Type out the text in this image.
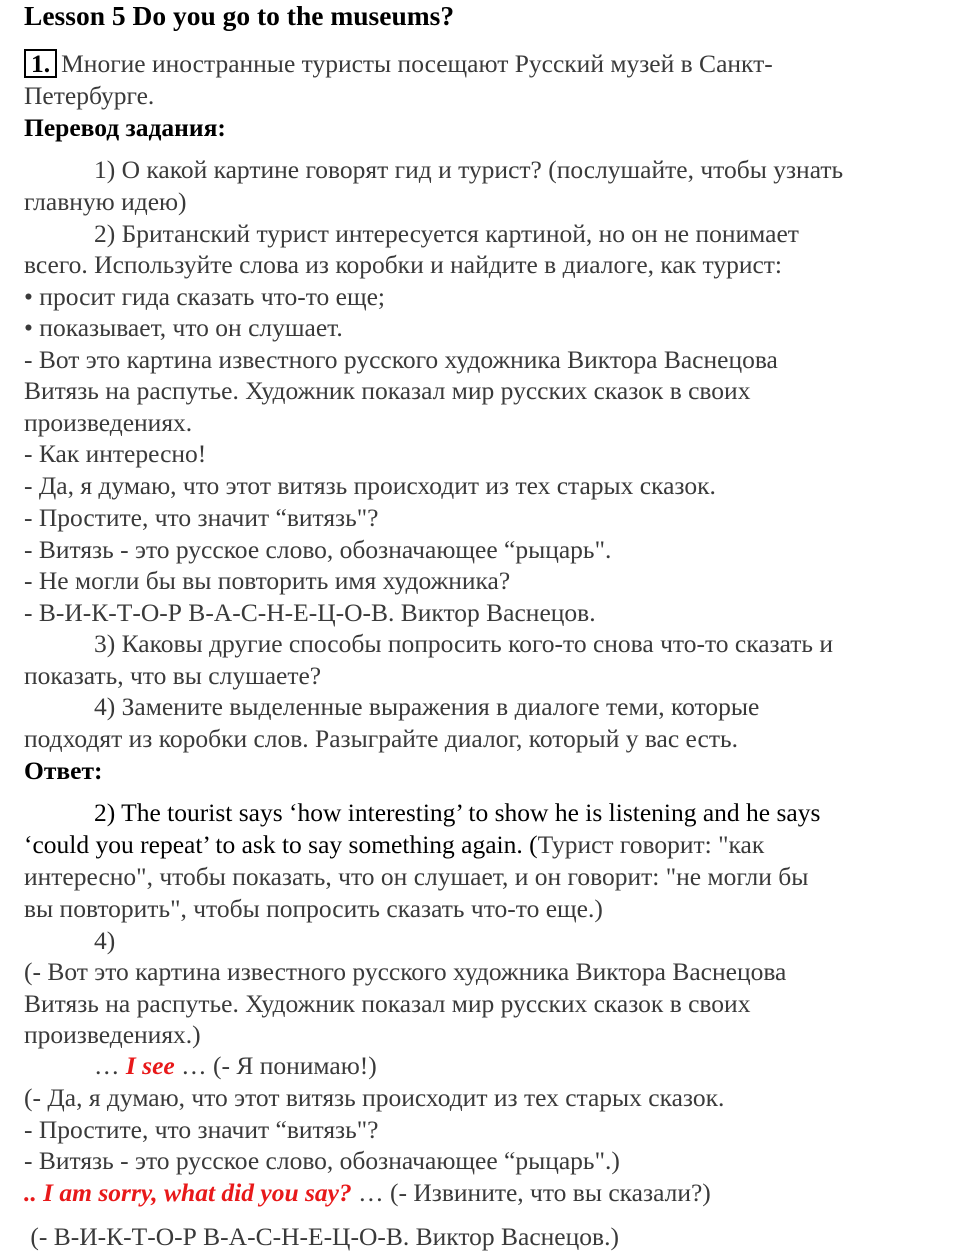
Lesson 5 Do you go to the museums?
1. Многие иностранные туристы посещают Русский музей в Санкт-
Петербурге.
Перевод задания:
1) О какой картине говорят гид и турист? (послушайте, чтобы узнать
главную идею)
2) Британский турист интересуется картиной, но он не понимает
всего. Используйте слова из коробки и найдите в диалоге, как турист:
• просит гида сказать что-то еще;
• показывает, что он слушает.
- Вот это картина известного русского художника Виктора Васнецова
Витязь на распутье. Художник показал мир русских сказок в своих
произведениях.
- Как интересно!
- Да, я думаю, что этот витязь происходит из тех старых сказок.
- Простите, что значит “витязь"?
- Витязь - это русское слово, обозначающее “рыцарь".
- Не могли бы вы повторить имя художника?
- В-И-К-Т-О-Р В-А-С-Н-Е-Ц-О-В. Виктор Васнецов.
3) Каковы другие способы попросить кого-то снова что-то сказать и
показать, что вы слушаете?
4) Замените выделенные выражения в диалоге теми, которые
подходят из коробки слов. Разыграйте диалог, который у вас есть.
Ответ:
2) The tourist says ‘how interesting’ to show he is listening and he says
‘could you repeat’ to ask to say something again. (Турист говорит: "как
интересно", чтобы показать, что он слушает, и он говорит: "не могли бы
вы повторить", чтобы попросить сказать что-то еще.)
4)
(- Вот это картина известного русского художника Виктора Васнецова
Витязь на распутье. Художник показал мир русских сказок в своих
произведениях.)
… I see … (- Я понимаю!)
(- Да, я думаю, что этот витязь происходит из тех старых сказок.
- Простите, что значит “витязь"?
- Витязь - это русское слово, обозначающее “рыцарь".)
.. I am sorry, what did you say? … (- Извините, что вы сказали?)
(- В-И-К-Т-О-Р В-А-С-Н-Е-Ц-О-В. Виктор Васнецов.)
